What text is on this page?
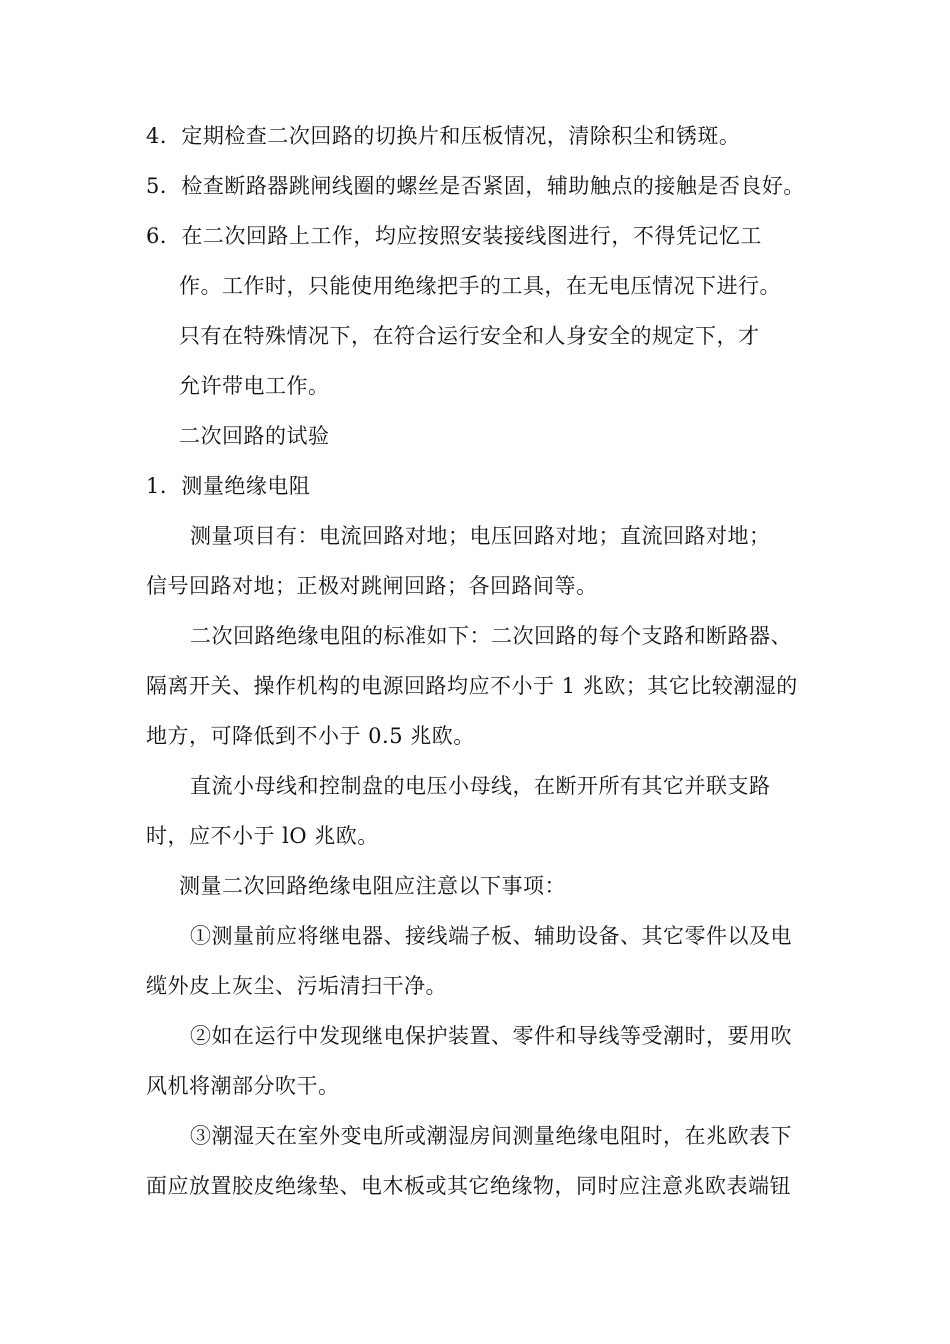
4．定期检查二次回路的切换片和压板情况，清除积尘和锈斑。
5．检查断路器跳闸线圈的螺丝是否紧固，辅助触点的接触是否良好。
6．在二次回路上工作，均应按照安装接线图进行，不得凭记忆工
作。工作时，只能使用绝缘把手的工具，在无电压情况下进行。
只有在特殊情况下，在符合运行安全和人身安全的规定下，才
允许带电工作。
二次回路的试验
1．测量绝缘电阻
测量项目有：电流回路对地；电压回路对地；直流回路对地；
信号回路对地；正极对跳闸回路；各回路间等。
二次回路绝缘电阻的标准如下：二次回路的每个支路和断路器、
隔离开关、操作机构的电源回路均应不小于 1 兆欧；其它比较潮湿的
地方，可降低到不小于 0.5 兆欧。
直流小母线和控制盘的电压小母线，在断开所有其它并联支路
时，应不小于 lO 兆欧。
测量二次回路绝缘电阻应注意以下事项：
①测量前应将继电器、接线端子板、辅助设备、其它零件以及电
缆外皮上灰尘、污垢清扫干净。
②如在运行中发现继电保护装置、零件和导线等受潮时，要用吹
风机将潮部分吹干。
③潮湿天在室外变电所或潮湿房间测量绝缘电阻时，在兆欧表下
面应放置胶皮绝缘垫、电木板或其它绝缘物，同时应注意兆欧表端钮
